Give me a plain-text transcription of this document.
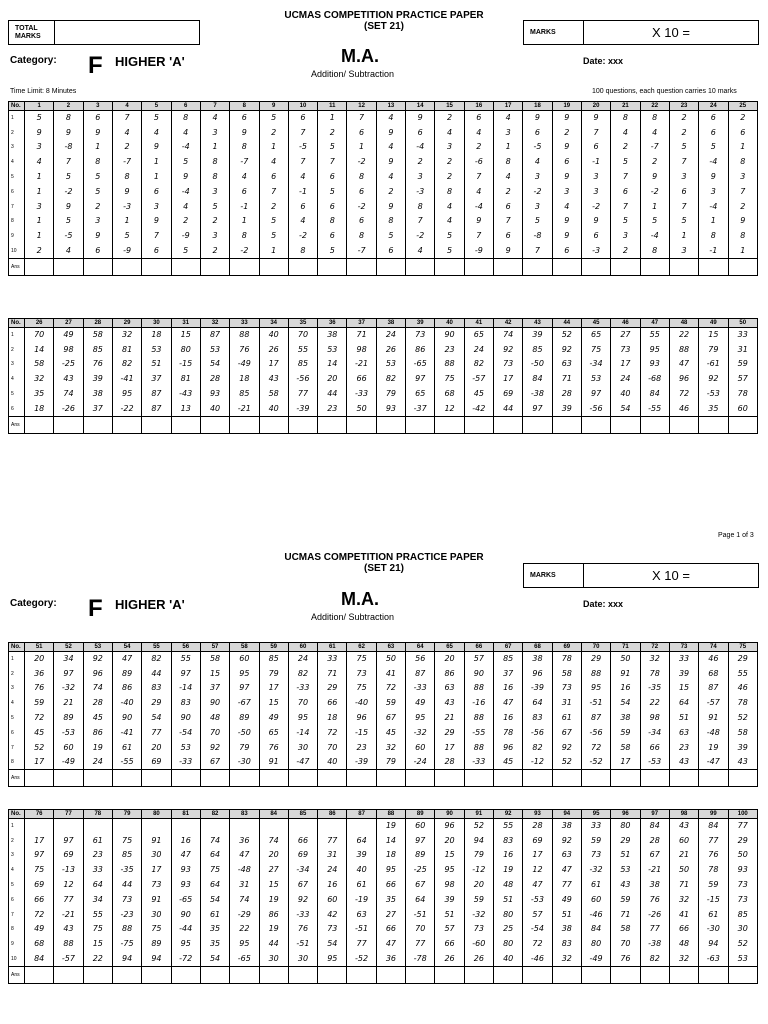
TOTAL MARKS
UCMAS COMPETITION PRACTICE PAPER
(SET 21)	MARKS	X 10 =
Category: F HIGHER 'A'	M.A.
Addition/ Subtraction
Date: xxx
Time Limit: 8 Minutes	100 questions, each question carries 10 marks
No.	1	2	3	4	5	6	7	8	9	10	11	12	13	14	15	16	17	18	19	20	21	22	23	24	25
1	5	8	6	7	5	8	4	6	5	6	1	7	4	9	2	6	4	9	9	9	8	8	2	6	2
2	9	9	9	4	4	4	3	9	2	7	2	6	9	6	4	4	3	6	2	7	4	4	2	6	6
3	3	-8	1	2	9	-4	1	8	1	-5	5	1	4	-4	3	2	1	-5	9	6	2	-7	5	5	1
4	4	7	8	-7	1	5	8	-7	4	7	7	-2	9	2	2	-6	8	4	6	-1	5	2	7	-4	8
5	1	5	5	8	1	9	8	4	6	4	6	8	4	3	2	7	4	3	9	3	7	9	3	9	3
6	1	-2	5	9	6	-4	3	6	7	-1	5	6	2	-3	8	4	2	-2	3	3	6	-2	6	3	7
7	3	9	2	-3	3	4	5	-1	2	6	6	-2	9	8	4	-4	6	3	4	-2	7	1	7	-4	2
8	1	5	3	1	9	2	2	1	5	4	8	6	8	7	4	9	7	5	9	9	5	5	5	1	9
9	1	-5	9	5	7	-9	3	8	5	-2	6	8	5	-2	5	7	6	-8	9	6	3	-4	1	8	8
10	2	4	6	-9	6	5	2	-2	1	8	5	-7	6	4	5	-9	9	7	6	-3	2	8	3	-1	1
Ans																									
No.	26	27	28	29	30	31	32	33	34	35	36	37	38	39	40	41	42	43	44	45	46	47	48	49	50
1	70	49	58	32	18	15	87	88	40	70	38	71	24	73	90	65	74	39	52	65	27	55	22	15	33
2	14	98	85	81	53	80	53	76	26	55	53	98	26	86	23	24	92	85	92	75	73	95	88	79	31
3	58	-25	76	82	51	-15	54	-49	17	85	14	-21	53	-65	88	82	73	-50	63	-34	17	93	47	-61	59
4	32	43	39	-41	37	81	28	18	43	-56	20	66	82	97	75	-57	17	84	71	53	24	-68	96	92	57
5	35	74	38	95	87	-43	93	85	58	77	44	-33	79	65	68	45	69	-38	28	97	40	84	72	-53	78
6	18	-26	37	-22	87	13	40	-21	40	-39	23	50	93	-37	12	-42	44	97	39	-56	54	-55	46	35	60
Ans																									
Page 1 of 3
UCMAS COMPETITION PRACTICE PAPER
(SET 21)
MARKS	X 10 =
Category: F HIGHER 'A'	M.A.
Addition/ Subtraction
Date: xxx
No.	51	52	53	54	55	56	57	58	59	60	61	62	63	64	65	66	67	68	69	70	71	72	73	74	75
1	20	34	92	47	82	55	58	60	85	24	33	75	50	56	20	57	85	38	78	29	50	32	33	46	29
2	36	97	96	89	44	97	15	95	79	82	71	73	41	87	86	90	37	96	58	88	91	78	39	68	55
3	76	-32	74	86	83	-14	37	97	17	-33	29	75	72	-33	63	88	16	-39	73	95	16	-35	15	87	46
4	59	21	28	-40	29	83	90	-67	15	70	66	-40	59	49	43	-16	47	64	31	-51	54	22	64	-57	78
5	72	89	45	90	54	90	48	89	49	95	18	96	67	95	21	88	16	83	61	87	38	98	51	91	52
6	45	-53	86	-41	77	-54	70	-50	65	-14	72	-15	45	-32	29	-55	78	-56	67	-56	59	-34	63	-48	58
7	52	60	19	61	20	53	92	79	76	30	70	23	32	60	17	88	96	82	92	72	58	66	23	19	39
8	17	-49	24	-55	69	-33	67	-30	91	-47	40	-39	79	-24	28	-33	45	-12	52	-52	17	-53	43	-47	43
Ans																									
No.	76	77	78	79	80	81	82	83	84	85	86	87	88	89	90	91	92	93	94	95	96	97	98	99	100
1													19	60	96	52	55	28	38	33	80	84	43	84	77
2	17	97	61	75	91	16	74	36	74	66	77	64	14	97	20	94	83	69	92	59	29	28	60	77	29
3	97	69	23	85	30	47	64	47	20	69	31	39	18	89	15	79	16	17	63	73	51	67	21	76	50
4	75	-13	33	-35	17	93	75	-48	27	-34	24	40	95	-25	95	-12	19	12	47	-32	53	-21	50	78	93
5	69	12	64	44	73	93	64	31	15	67	16	61	66	67	98	20	48	47	77	61	43	38	71	59	73
6	66	77	34	73	91	-65	54	74	19	92	60	-19	35	64	39	59	51	-53	49	60	59	76	32	-15	73
7	72	-21	55	-23	30	90	61	-29	86	-33	42	63	27	-51	51	-32	80	57	51	-46	71	-26	41	61	85
8	49	43	75	88	75	-44	35	22	19	76	73	-51	66	70	57	73	25	-54	38	84	58	77	66	-30	30
9	68	88	15	-75	89	95	35	95	44	-51	54	77	47	77	66	-60	80	72	83	80	70	-38	48	94	52
10	84	-57	22	94	94	-72	54	-65	30	30	95	-52	36	-78	26	26	40	-46	32	-49	76	82	32	-63	53
Ans																									
